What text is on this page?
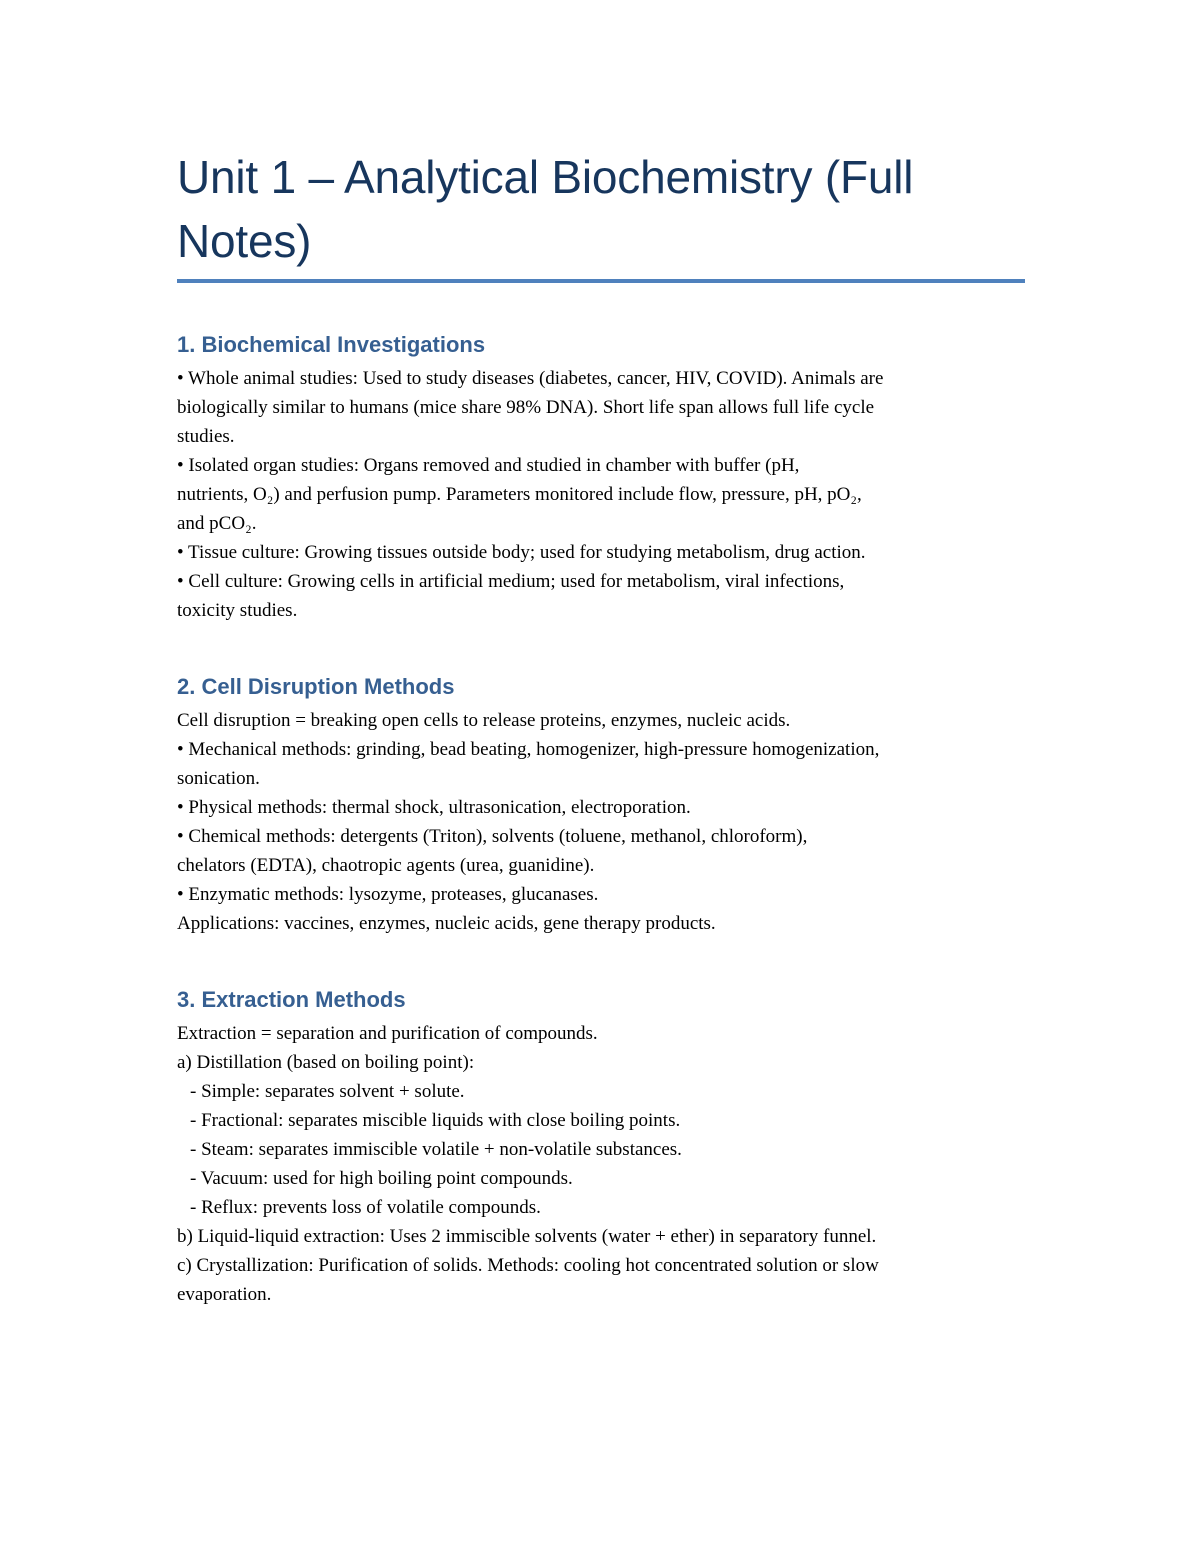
Unit 1 – Analytical Biochemistry (Full Notes)
1. Biochemical Investigations

• Whole animal studies: Used to study diseases (diabetes, cancer, HIV, COVID). Animals are

biologically similar to humans (mice share 98% DNA). Short life span allows full life cycle

studies.

• Isolated organ studies: Organs removed and studied in chamber with buffer (pH,

nutrients, O₂) and perfusion pump. Parameters monitored include flow, pressure, pH, pO₂,

and pCO₂.

• Tissue culture: Growing tissues outside body; used for studying metabolism, drug action.

• Cell culture: Growing cells in artificial medium; used for metabolism, viral infections,

toxicity studies.

2. Cell Disruption Methods

Cell disruption = breaking open cells to release proteins, enzymes, nucleic acids.

• Mechanical methods: grinding, bead beating, homogenizer, high-pressure homogenization,

sonication.

• Physical methods: thermal shock, ultrasonication, electroporation.

• Chemical methods: detergents (Triton), solvents (toluene, methanol, chloroform),

chelators (EDTA), chaotropic agents (urea, guanidine).

• Enzymatic methods: lysozyme, proteases, glucanases.

Applications: vaccines, enzymes, nucleic acids, gene therapy products.

3. Extraction Methods

Extraction = separation and purification of compounds.

a) Distillation (based on boiling point):

- Simple: separates solvent + solute.

- Fractional: separates miscible liquids with close boiling points.

- Steam: separates immiscible volatile + non-volatile substances.

- Vacuum: used for high boiling point compounds.

- Reflux: prevents loss of volatile compounds.

b) Liquid-liquid extraction: Uses 2 immiscible solvents (water + ether) in separatory funnel.

c) Crystallization: Purification of solids. Methods: cooling hot concentrated solution or slow

evaporation.
